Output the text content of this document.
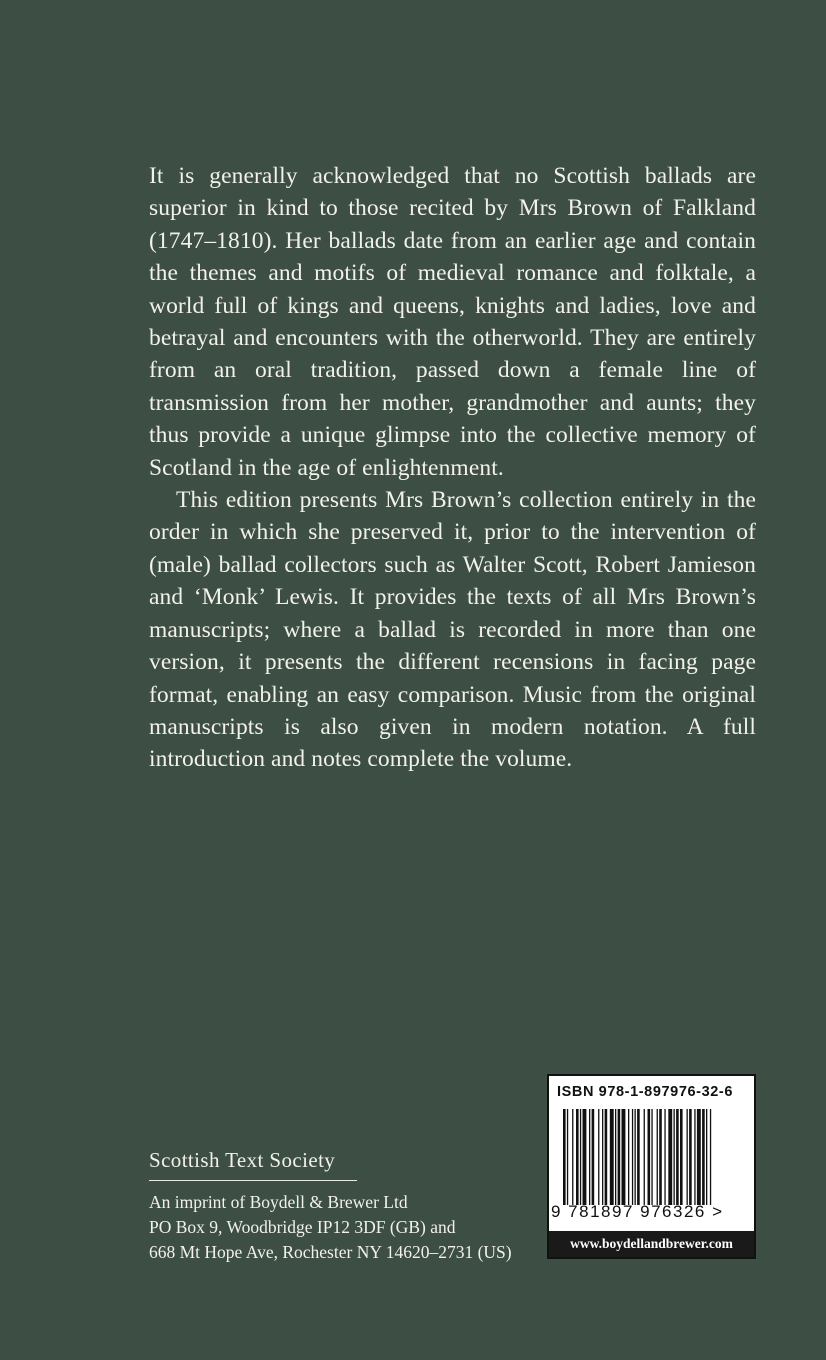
It is generally acknowledged that no Scottish ballads are superior in kind to those recited by Mrs Brown of Falkland (1747–1810). Her ballads date from an earlier age and contain the themes and motifs of medieval romance and folktale, a world full of kings and queens, knights and ladies, love and betrayal and encounters with the otherworld. They are entirely from an oral tradition, passed down a female line of transmission from her mother, grandmother and aunts; they thus provide a unique glimpse into the collective memory of Scotland in the age of enlightenment.

This edition presents Mrs Brown’s collection entirely in the order in which she preserved it, prior to the intervention of (male) ballad collectors such as Walter Scott, Robert Jamieson and ‘Monk’ Lewis. It provides the texts of all Mrs Brown’s manuscripts; where a ballad is recorded in more than one version, it presents the different recensions in facing page format, enabling an easy comparison. Music from the original manuscripts is also given in modern notation. A full introduction and notes complete the volume.

Scottish Text Society
An imprint of Boydell & Brewer Ltd
PO Box 9, Woodbridge IP12 3DF (GB) and
668 Mt Hope Ave, Rochester NY 14620–2731 (US)
ISBN 978-1-897976-32-6
9 781897 976326 >
www.boydellandbrewer.com
